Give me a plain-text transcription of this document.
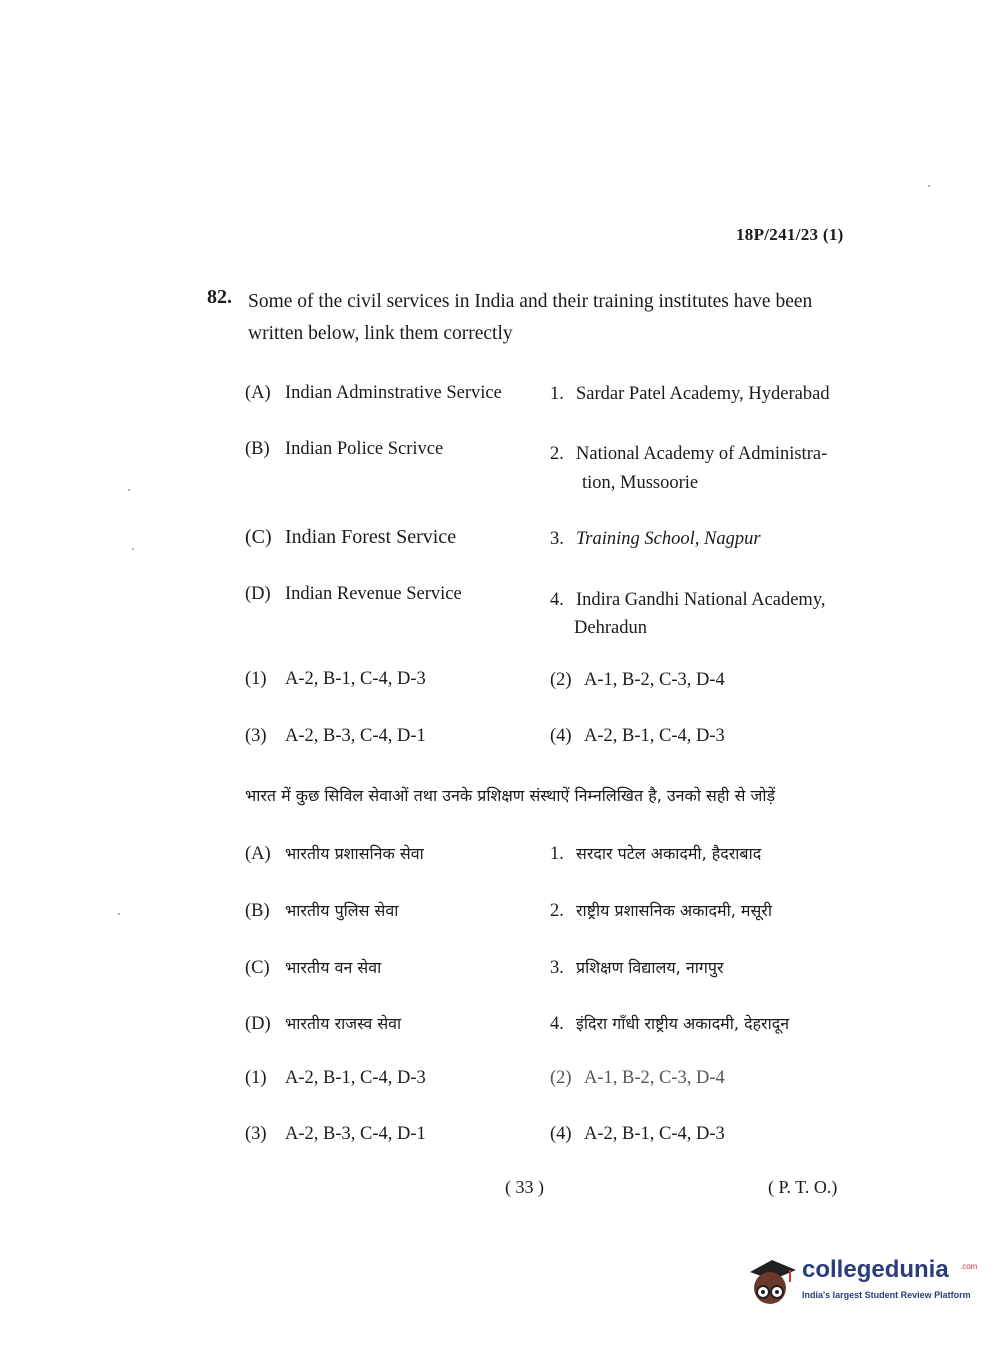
18P/241/23 (1)
82. Some of the civil services in India and their training institutes have been written below, link them correctly
(A) Indian Adminstrative Service	1. Sardar Patel Academy, Hyderabad
(B) Indian Police Scrivce	2. National Academy of Administra-
tion, Mussoorie
(C) Indian Forest Service	3. Training School, Nagpur
(D) Indian Revenue Service	4. Indira Gandhi National Academy,
Dehradun
(1) A-2, B-1, C-4, D-3	(2) A-1, B-2, C-3, D-4
(3) A-2, B-3, C-4, D-1	(4) A-2, B-1, C-4, D-3
भारत में कुछ सिविल सेवाओं तथा उनके प्रशिक्षण संस्थाऐं निम्नलिखित है, उनको सही से जोड़ें
(A) भारतीय प्रशासनिक सेवा	1. सरदार पटेल अकादमी, हैदराबाद
(B) भारतीय पुलिस सेवा	2. राष्ट्रीय प्रशासनिक अकादमी, मसूरी
(C) भारतीय वन सेवा	3. प्रशिक्षण विद्यालय, नागपुर
(D) भारतीय राजस्व सेवा	4. इंदिरा गाँधी राष्ट्रीय अकादमी, देहरादून
(1) A-2, B-1, C-4, D-3	(2) A-1, B-2, C-3, D-4
(3) A-2, B-3, C-4, D-1	(4) A-2, B-1, C-4, D-3
( 33 )	( P. T. O.)
collegedunia .com
India's largest Student Review Platform
